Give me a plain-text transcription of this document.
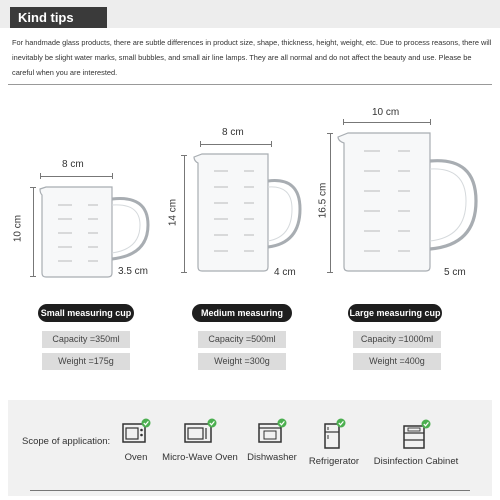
Kind tips

For handmade glass products, there are subtle differences in product size, shape, thickness, height, weight, etc. Due to process reasons, there will inevitably be slight water marks, small bubbles, and small air line lamps. They are all normal and do not affect the beauty and use. Please be careful when you are interested.

8 cm
10 cm
3.5 cm
8 cm
14 cm
4 cm
10 cm
16.5 cm
5 cm
Small measuring cup	Medium measuring	Large measuring cup
Capacity =350ml
Weight =175g
Capacity =500ml
Weight =300g
Capacity =1000ml
Weight =400g
Scope of application:
Oven	Micro-Wave Oven Dishwasher	Refrigerator	Disinfection Cabinet
